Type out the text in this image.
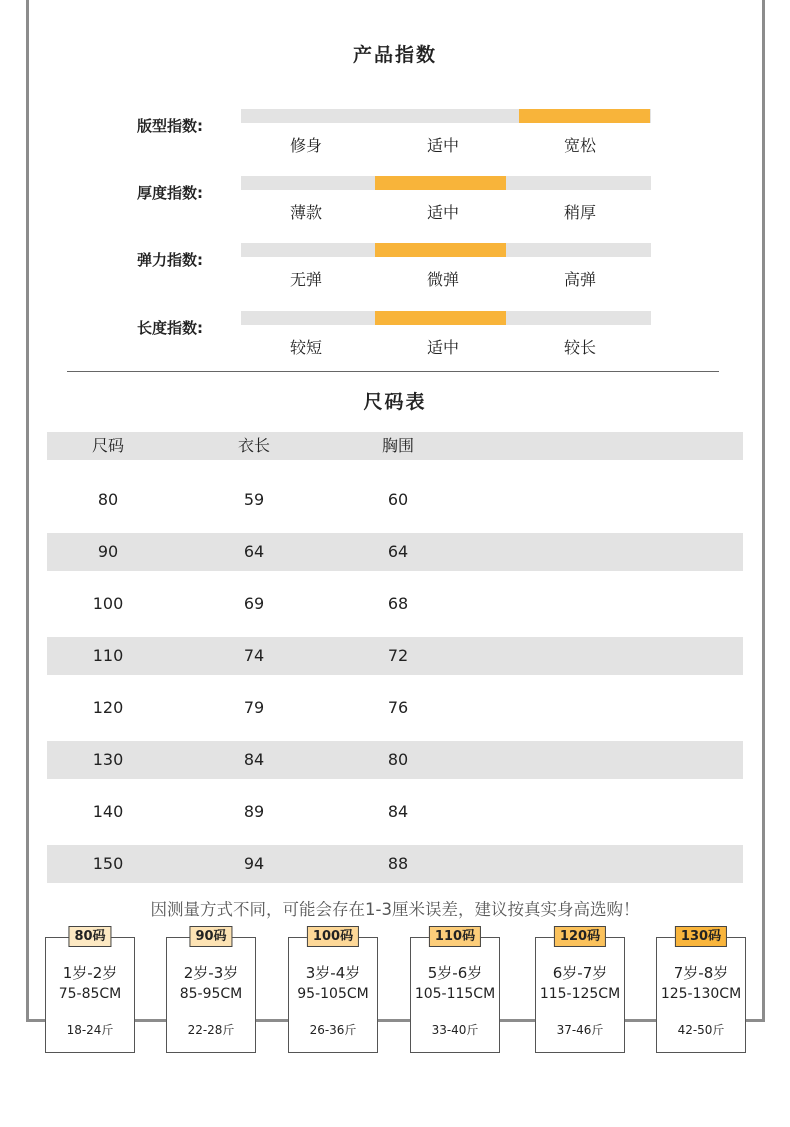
产品指数
版型指数:
修身	适中	宽松
厚度指数:
薄款	适中	稍厚
弹力指数:
无弹	微弹	高弹
长度指数:
较短	适中	较长
尺码表
尺码	衣长	胸围
80	59	60
90	64	64
100	69	68
110	74	72
120	79	76
130	84	80
140	89	84
150	94	88
因测量方式不同，可能会存在1-3厘米误差，建议按真实身高选购！
80码
1岁-2岁
75-85CM
18-24斤
90码
2岁-3岁
85-95CM
22-28斤
100码
3岁-4岁
95-105CM
26-36斤
110码
5岁-6岁
105-115CM
33-40斤
120码
6岁-7岁
115-125CM
37-46斤
130码
7岁-8岁
125-130CM
42-50斤
